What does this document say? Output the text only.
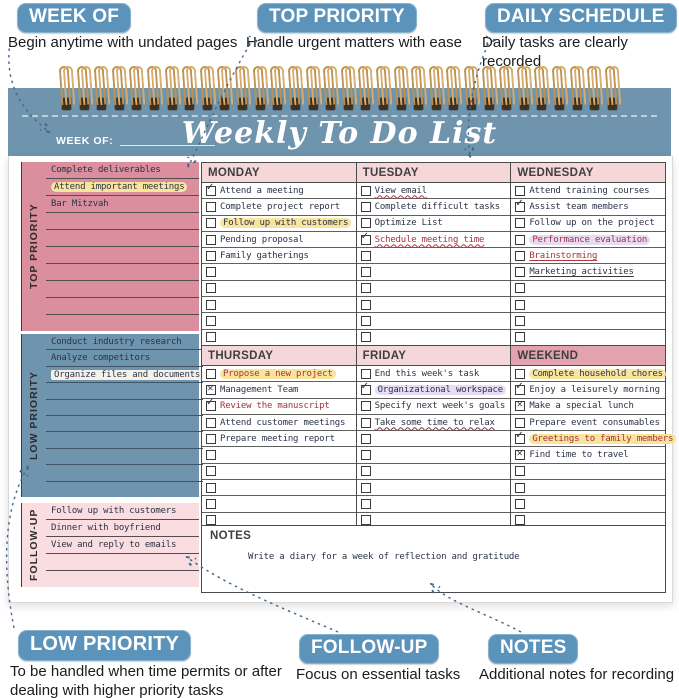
WEEK OF
Begin anytime with undated pages
TOP PRIORITY
Handle urgent matters with ease
DAILY SCHEDULE
Daily tasks are clearly recorded
WEEK OF:	Weekly To Do List
TOP PRIORITY
Complete deliverables
Attend important meetings
Bar Mitzvah
LOW PRIORITY
Conduct industry research
Analyze competitors
Organize files and documents
FOLLOW-UP	Follow up with customers
Dinner with boyfriend
View and reply to emails
MONDAY
✓ Attend a meeting
Complete project report
Follow up with customers
Pending proposal
Family gatherings
TUESDAY
View email
Complete difficult tasks
Optimize List
✓ Schedule meeting time
WEDNESDAY
Attend training courses
✓ Assist team members
Follow up on the project
Performance evaluation
Brainstorming
Marketing activities
THURSDAY
Propose a new project
✕ Management Team
✓ Review the manuscript
Attend customer meetings
Prepare meeting report
FRIDAY
End this week's task
✓ Organizational workspace
Specify next week's goals
Take some time to relax
WEEKEND
Complete household chores
✓ Enjoy a leisurely morning
✕ Make a special lunch
Prepare event consumables
✓ Greetings to family members
✕ Find time to travel
NOTES
Write a diary for a week of reflection and gratitude
LOW PRIORITY
To be handled when time permits or after dealing with higher priority tasks
FOLLOW-UP
Focus on essential tasks
NOTES
Additional notes for recording
